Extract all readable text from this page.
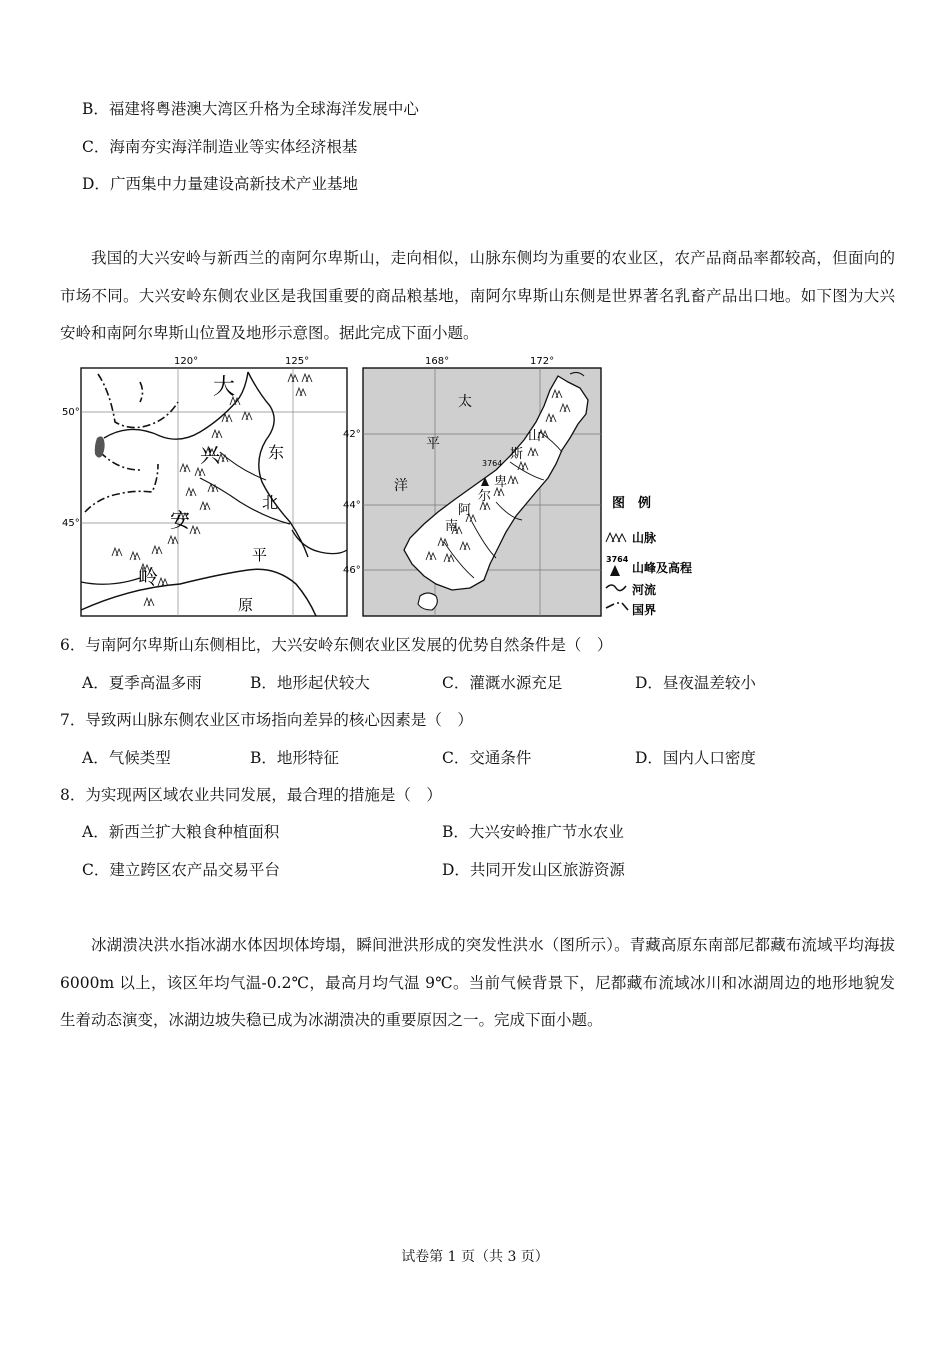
B．福建将粤港澳大湾区升格为全球海洋发展中心
C．海南夯实海洋制造业等实体经济根基
D．广西集中力量建设高新技术产业基地
我国的大兴安岭与新西兰的南阿尔卑斯山，走向相似，山脉东侧均为重要的农业区，农产品商品率都较高，但面向的市场不同。大兴安岭东侧农业区是我国重要的商品粮基地，南阿尔卑斯山东侧是世界著名乳畜产品出口地。如下图为大兴安岭和南阿尔卑斯山位置及地形示意图。据此完成下面小题。
120°	125°
50°
45°
大
兴
安
岭
东
北
平
原
168°	172°
42°
44°
46°
3764
太
平
洋
南
阿
尔
卑
斯
山
图　例
山脉
3764
山峰及高程
河流
国界
6．与南阿尔卑斯山东侧相比，大兴安岭东侧农业区发展的优势自然条件是（　）
A．夏季高温多雨	B．地形起伏较大	C．灌溉水源充足	D．昼夜温差较小
7．导致两山脉东侧农业区市场指向差异的核心因素是（　）
A．气候类型	B．地形特征	C．交通条件	D．国内人口密度
8．为实现两区域农业共同发展，最合理的措施是（　）
A．新西兰扩大粮食种植面积	B．大兴安岭推广节水农业
C．建立跨区农产品交易平台	D．共同开发山区旅游资源
冰湖溃决洪水指冰湖水体因坝体垮塌，瞬间泄洪形成的突发性洪水（图所示）。青藏高原东南部尼都藏布流域平均海拔 6000m 以上，该区年均气温-0.2℃，最高月均气温 9℃。当前气候背景下，尼都藏布流域冰川和冰湖周边的地形地貌发生着动态演变，冰湖边坡失稳已成为冰湖溃决的重要原因之一。完成下面小题。
试卷第 1 页（共 3 页）
